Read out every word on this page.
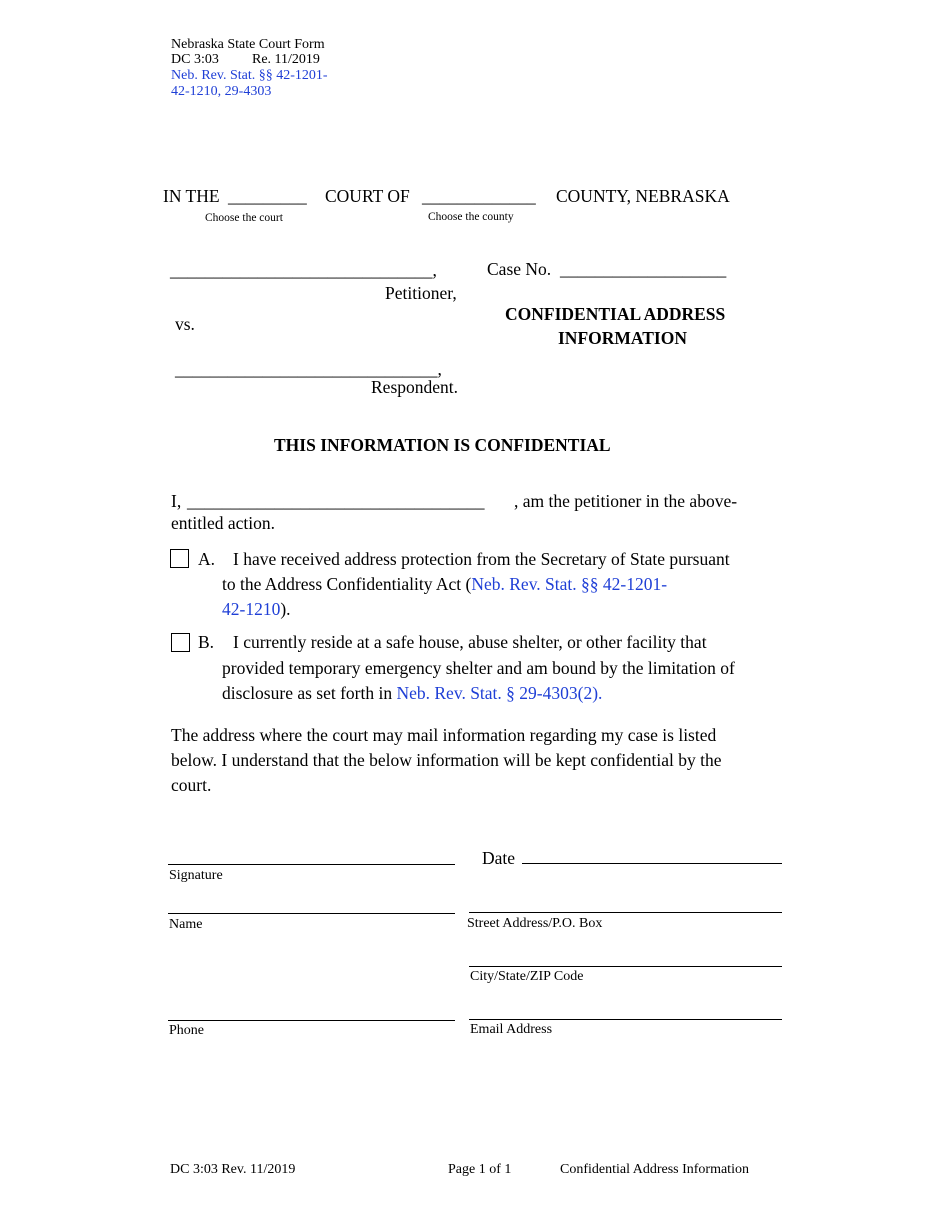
Nebraska State Court Form
DC 3:03 Re. 11/2019
Neb. Rev. Stat. §§ 42-1201-
42-1210, 29-4303
IN THE _________ COURT OF _____________ COUNTY, NEBRASKA
Choose the court	Choose the county
______________________________,
Petitioner,
vs.
______________________________,
Respondent.
Case No. ___________________
CONFIDENTIAL ADDRESS
INFORMATION
THIS INFORMATION IS CONFIDENTIAL
I, __________________________________ , am the petitioner in the above-
entitled action.
A. I have received address protection from the Secretary of State pursuant
to the Address Confidentiality Act (Neb. Rev. Stat. §§ 42-1201-
42-1210).
B. I currently reside at a safe house, abuse shelter, or other facility that
provided temporary emergency shelter and am bound by the limitation of
disclosure as set forth in Neb. Rev. Stat. § 29-4303(2).
The address where the court may mail information regarding my case is listed
below. I understand that the below information will be kept confidential by the
court.
Signature
Date
Name	Street Address/P.O. Box
City/State/ZIP Code
Phone	Email Address
DC 3:03 Rev. 11/2019	Page 1 of 1	Confidential Address Information
